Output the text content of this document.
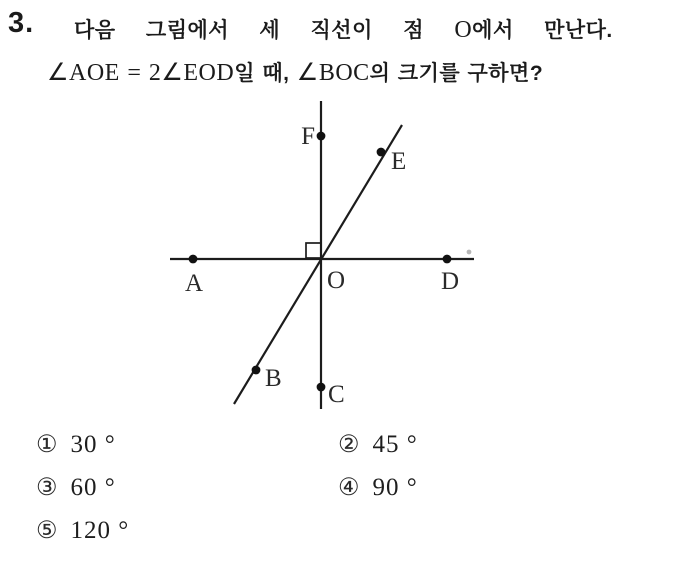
3. 다음 그림에서 세 직선이 점 O에서 만난다.
∠AOE = 2∠EOD일 때, ∠BOC의 크기를 구하면?
F
E
A	O	D
B
C
① 30 °	② 45 °
③ 60 °	④ 90 °
⑤ 120 °
